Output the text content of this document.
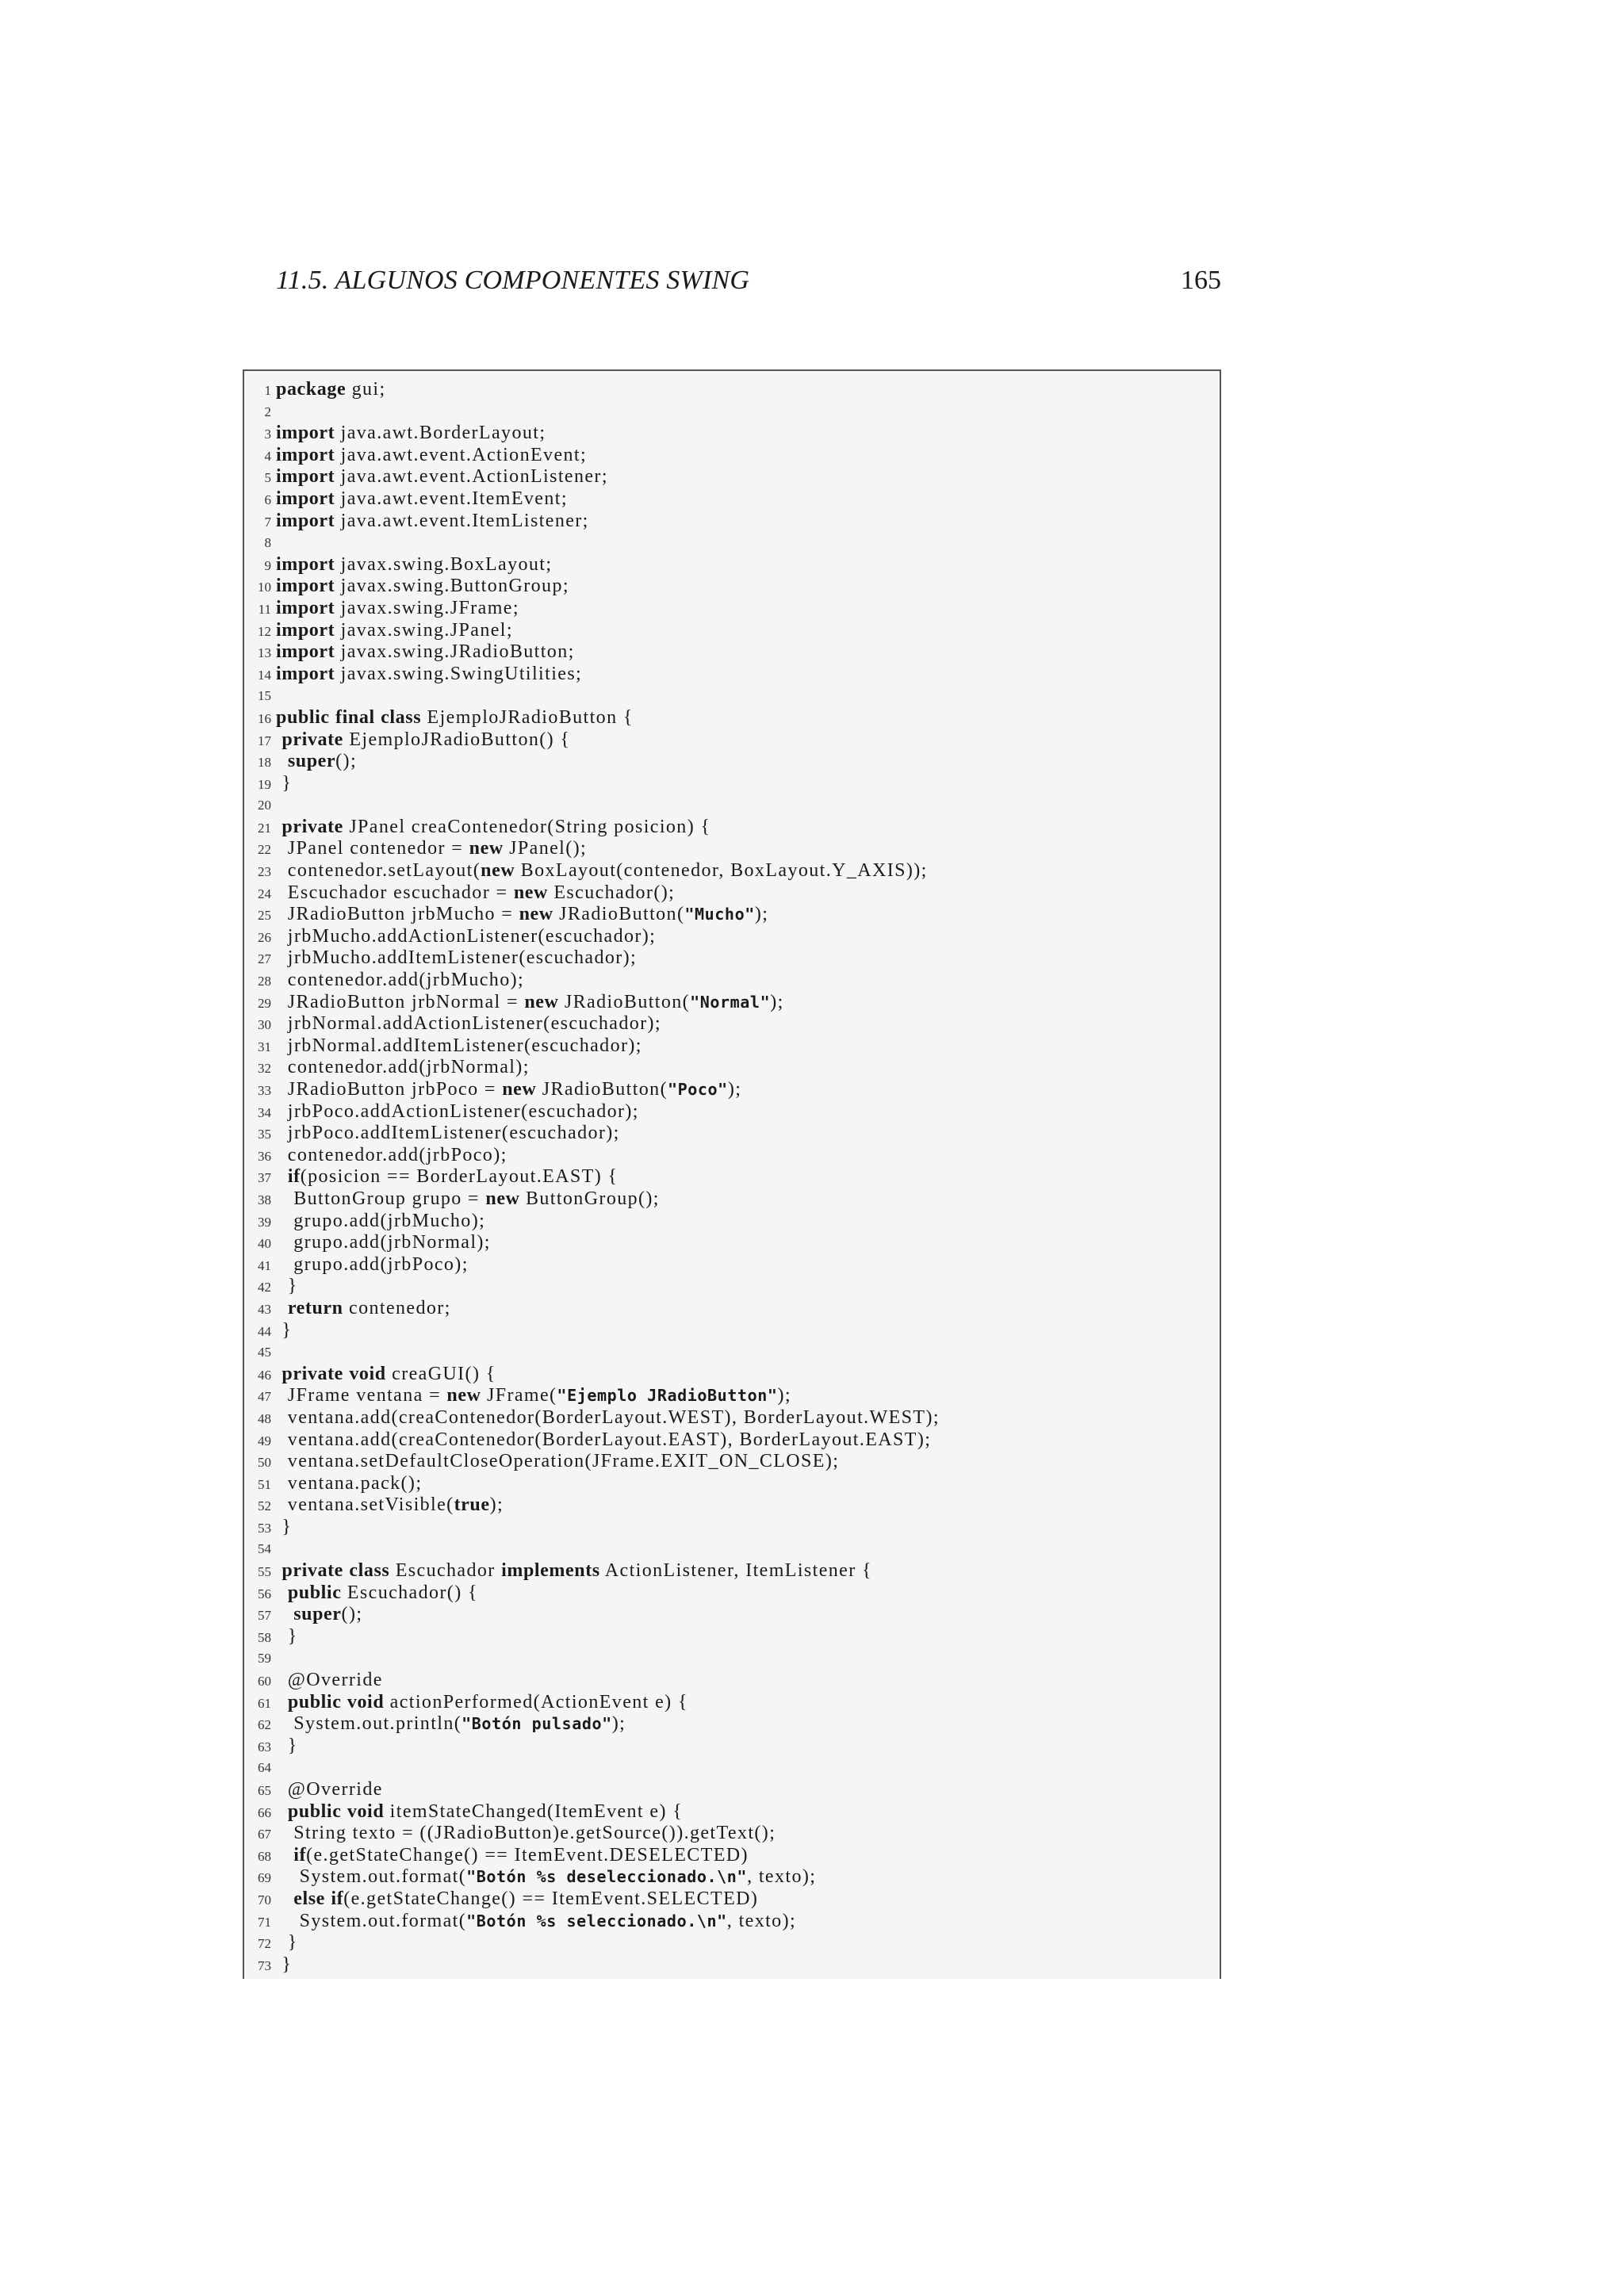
11.5. ALGUNOS COMPONENTES SWING	165
1 package gui;
2
3 import java.awt.BorderLayout;
4 import java.awt.event.ActionEvent;
5 import java.awt.event.ActionListener;
6 import java.awt.event.ItemEvent;
7 import java.awt.event.ItemListener;
8
9 import javax.swing.BoxLayout;
10 import javax.swing.ButtonGroup;
11 import javax.swing.JFrame;
12 import javax.swing.JPanel;
13 import javax.swing.JRadioButton;
14 import javax.swing.SwingUtilities;
15
16 public final class EjemploJRadioButton {
17 private EjemploJRadioButton() {
18 super();
19 }
20
21 private JPanel creaContenedor(String posicion) {
22 JPanel contenedor = new JPanel();
23 contenedor.setLayout(new BoxLayout(contenedor, BoxLayout.Y_AXIS));
24 Escuchador escuchador = new Escuchador();
25 JRadioButton jrbMucho = new JRadioButton("Mucho");
26 jrbMucho.addActionListener(escuchador);
27 jrbMucho.addItemListener(escuchador);
28 contenedor.add(jrbMucho);
29 JRadioButton jrbNormal = new JRadioButton("Normal");
30 jrbNormal.addActionListener(escuchador);
31 jrbNormal.addItemListener(escuchador);
32 contenedor.add(jrbNormal);
33 JRadioButton jrbPoco = new JRadioButton("Poco");
34 jrbPoco.addActionListener(escuchador);
35 jrbPoco.addItemListener(escuchador);
36 contenedor.add(jrbPoco);
37 if(posicion == BorderLayout.EAST) {
38 ButtonGroup grupo = new ButtonGroup();
39 grupo.add(jrbMucho);
40 grupo.add(jrbNormal);
41 grupo.add(jrbPoco);
42 }
43 return contenedor;
44 }
45
46 private void creaGUI() {
47 JFrame ventana = new JFrame("Ejemplo JRadioButton");
48 ventana.add(creaContenedor(BorderLayout.WEST), BorderLayout.WEST);
49 ventana.add(creaContenedor(BorderLayout.EAST), BorderLayout.EAST);
50 ventana.setDefaultCloseOperation(JFrame.EXIT_ON_CLOSE);
51 ventana.pack();
52 ventana.setVisible(true);
53 }
54
55 private class Escuchador implements ActionListener, ItemListener {
56 public Escuchador() {
57	super();
58 }
59
60 @Override
61 public void actionPerformed(ActionEvent e) {
62 System.out.println("Botón pulsado");
63 }
64
65 @Override
66 public void itemStateChanged(ItemEvent e) {
67 String texto = ((JRadioButton)e.getSource()).getText();
68	if(e.getStateChange() == ItemEvent.DESELECTED)
69 System.out.format("Botón %s deseleccionado.\n", texto);
70	else if(e.getStateChange() == ItemEvent.SELECTED)
71 System.out.format("Botón %s seleccionado.\n", texto);
72 }
73 }
